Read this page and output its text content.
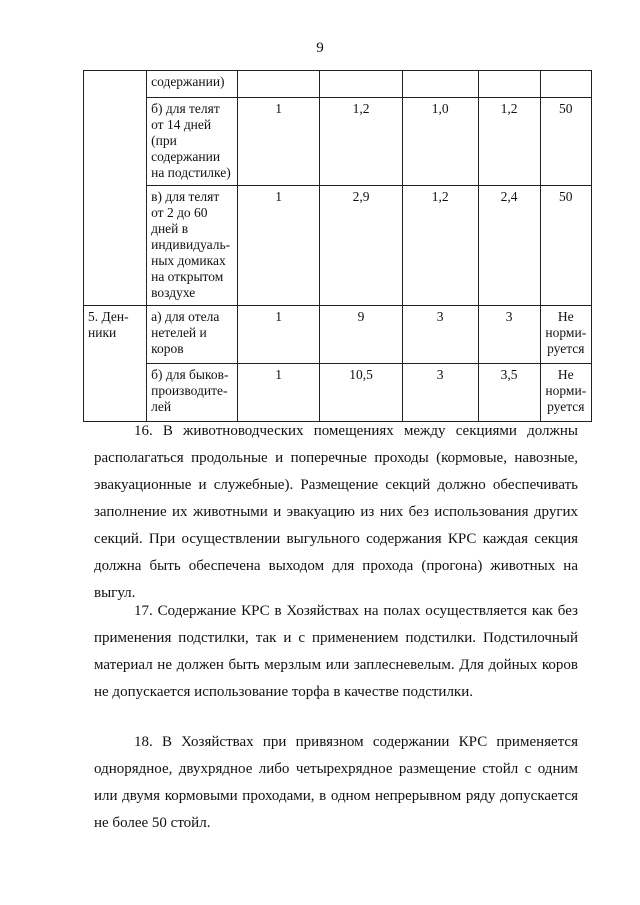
9
	содержании)					
	б) для телят от 14 дней (при содержании на подстилке)	1	1,2	1,0	1,2	50
	в) для телят от 2 до 60 дней в индивидуаль-ных домиках на открытом воздухе	1	2,9	1,2	2,4	50
5. Ден-ники	а) для отела нетелей и коров	1	9	3	3	Не норми-руется
	б) для быков-производите-лей	1	10,5	3	3,5	Не норми-руется

16. В животноводческих помещениях между секциями должны располагаться продольные и поперечные проходы (кормовые, навозные, эвакуационные и служебные). Размещение секций должно обеспечивать заполнение их животными и эвакуацию из них без использования других секций. При осуществлении выгульного содержания КРС каждая секция должна быть обеспечена выходом для прохода (прогона) животных на выгул.

17. Содержание КРС в Хозяйствах на полах осуществляется как без применения подстилки, так и с применением подстилки. Подстилочный материал не должен быть мерзлым или заплесневелым. Для дойных коров не допускается использование торфа в качестве подстилки.

18. В Хозяйствах при привязном содержании КРС применяется однорядное, двухрядное либо четырехрядное размещение стойл с одним или двумя кормовыми проходами, в одном непрерывном ряду допускается не более 50 стойл.
